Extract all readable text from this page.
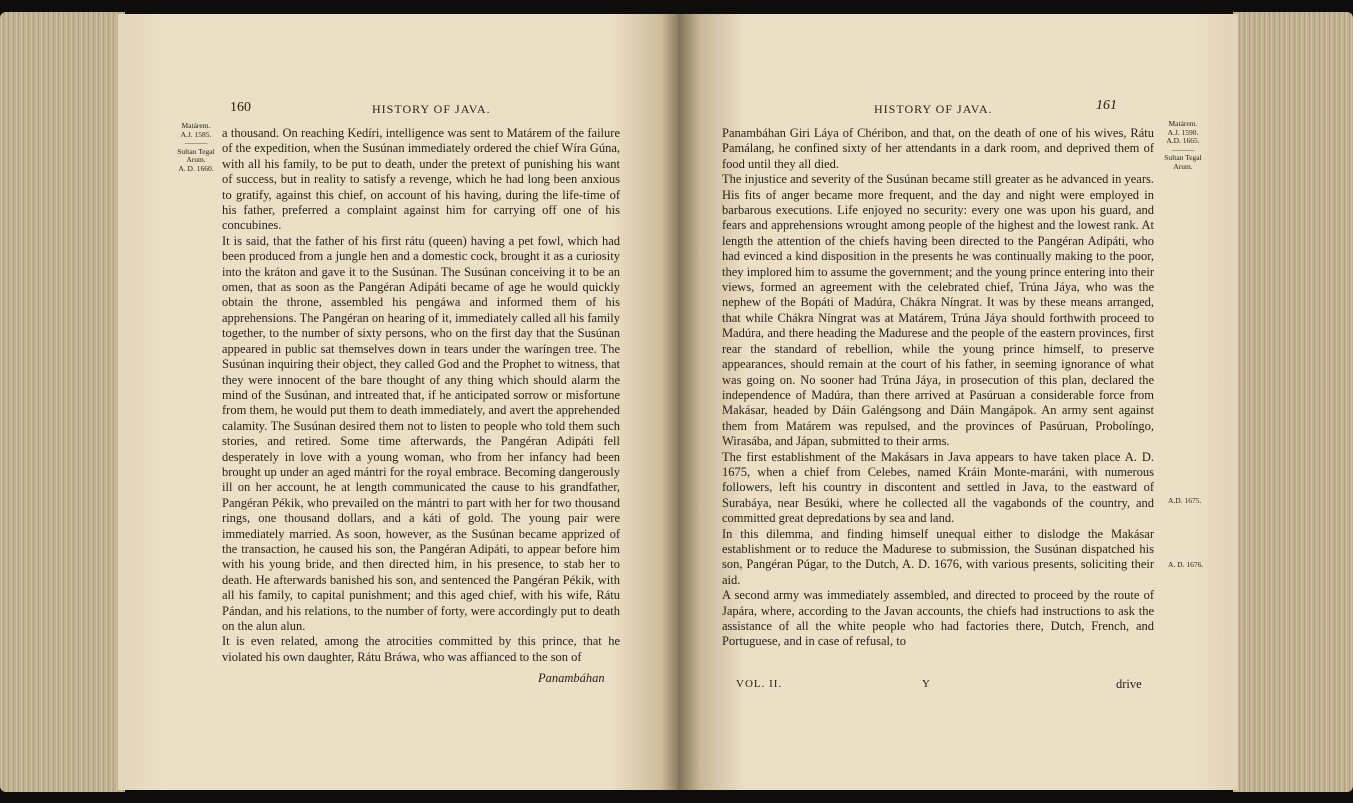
160	HISTORY OF JAVA.
Matárem.
A.J. 1585.
———
Sultan Tegal
Arum.
A. D. 1660.
a thousand. On reaching Kedíri, intelligence was sent to Matárem of the failure of the expedition, when the Susúnan immediately ordered the chief Wíra Gúna, with all his family, to be put to death, under the pretext of punishing his want of success, but in reality to satisfy a revenge, which he had long been anxious to gratify, against this chief, on account of his having, during the life-time of his father, preferred a complaint against him for carrying off one of his concubines.
It is said, that the father of his first rátu (queen) having a pet fowl, which had been produced from a jungle hen and a domestic cock, brought it as a curiosity into the kráton and gave it to the Susúnan. The Susúnan conceiving it to be an omen, that as soon as the Pangéran Adipáti became of age he would quickly obtain the throne, assembled his pengáwa and informed them of his apprehensions. The Pangéran on hearing of it, immediately called all his family together, to the number of sixty persons, who on the first day that the Susúnan appeared in public sat themselves down in tears under the waríngen tree. The Susúnan inquiring their object, they called God and the Prophet to witness, that they were innocent of the bare thought of any thing which should alarm the mind of the Susúnan, and intreated that, if he anticipated sorrow or misfortune from them, he would put them to death immediately, and avert the apprehended calamity. The Susúnan desired them not to listen to people who told them such stories, and retired. Some time afterwards, the Pangéran Adipáti fell desperately in love with a young woman, who from her infancy had been brought up under an aged mántri for the royal embrace. Becoming dangerously ill on her account, he at length communicated the cause to his grandfather, Pangéran Pékik, who prevailed on the mántri to part with her for two thousand rings, one thousand dollars, and a káti of gold. The young pair were immediately married. As soon, however, as the Susúnan became apprized of the transaction, he caused his son, the Pangéran Adipáti, to appear before him with his young bride, and then directed him, in his presence, to stab her to death. He afterwards banished his son, and sentenced the Pangéran Pékik, with all his family, to capital punishment; and this aged chief, with his wife, Rátu Pándan, and his relations, to the number of forty, were accordingly put to death on the alun alun.
It is even related, among the atrocities committed by this prince, that he violated his own daughter, Rátu Bráwa, who was affianced to the son of
Panambáhan
HISTORY OF JAVA.	161
Matárem.
A.J. 1590.
A.D. 1665.
———
Sultan Tegal
Arum.
A.D. 1675.
A. D. 1676.
Panambáhan Giri Láya of Chéribon, and that, on the death of one of his wives, Rátu Pamálang, he confined sixty of her attendants in a dark room, and deprived them of food until they all died.
The injustice and severity of the Susúnan became still greater as he advanced in years. His fits of anger became more frequent, and the day and night were employed in barbarous executions. Life enjoyed no security: every one was upon his guard, and fears and apprehensions wrought among people of the highest and the lowest rank. At length the attention of the chiefs having been directed to the Pangéran Adipáti, who had evinced a kind disposition in the presents he was continually making to the poor, they implored him to assume the government; and the young prince entering into their views, formed an agreement with the celebrated chief, Trúna Jáya, who was the nephew of the Bopáti of Madúra, Chákra Níngrat. It was by these means arranged, that while Chákra Níngrat was at Matárem, Trúna Jáya should forthwith proceed to Madúra, and there heading the Madurese and the people of the eastern provinces, first rear the standard of rebellion, while the young prince himself, to preserve appearances, should remain at the court of his father, in seeming ignorance of what was going on. No sooner had Trúna Jáya, in prosecution of this plan, declared the independence of Madúra, than there arrived at Pasúruan a considerable force from Makásar, headed by Dáin Galéngsong and Dáin Mangápok. An army sent against them from Matárem was repulsed, and the provinces of Pasúruan, Probolíngo, Wirasába, and Jápan, submitted to their arms.
The first establishment of the Makásars in Java appears to have taken place A. D. 1675, when a chief from Celebes, named Kráin Monte-maráni, with numerous followers, left his country in discontent and settled in Java, to the eastward of Surabáya, near Besúki, where he collected all the vagabonds of the country, and committed great depredations by sea and land.
In this dilemma, and finding himself unequal either to dislodge the Makásar establishment or to reduce the Madurese to submission, the Susúnan dispatched his son, Pangéran Púgar, to the Dutch, A. D. 1676, with various presents, soliciting their aid.
A second army was immediately assembled, and directed to proceed by the route of Japára, where, according to the Javan accounts, the chiefs had instructions to ask the assistance of all the white people who had factories there, Dutch, French, and Portuguese, and in case of refusal, to
VOL. II.	Y	drive
